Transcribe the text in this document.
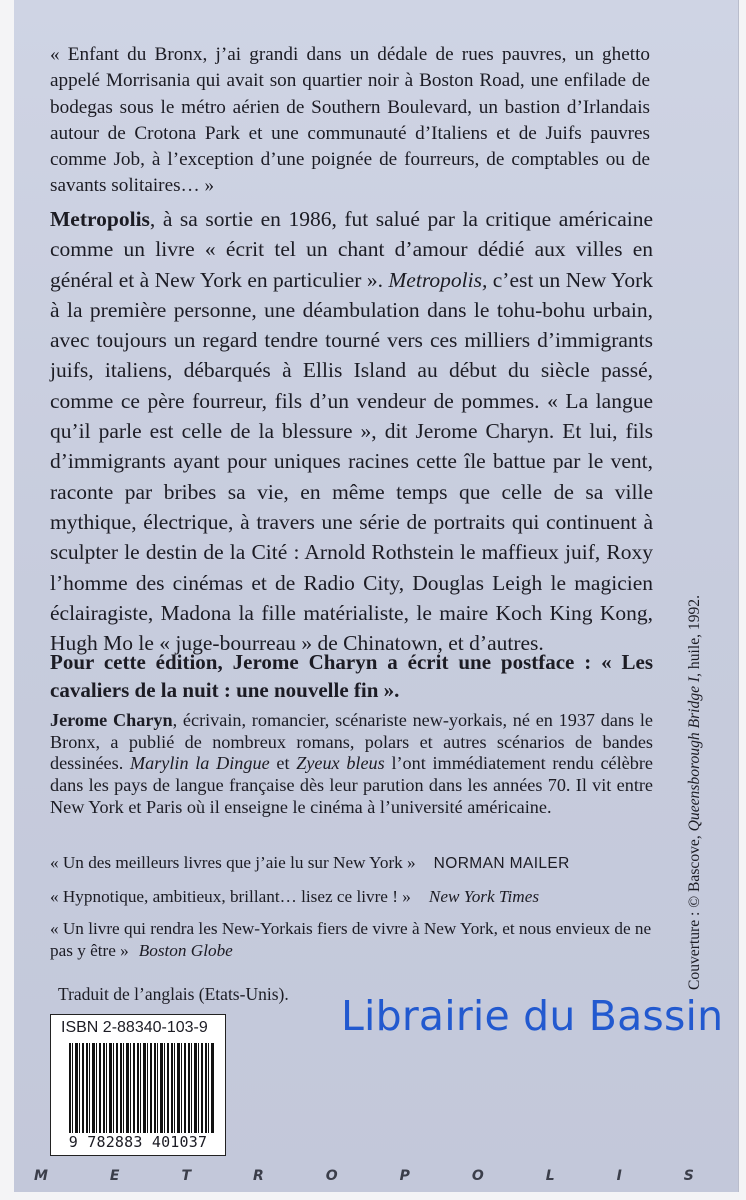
« Enfant du Bronx, j’ai grandi dans un dédale de rues pauvres, un ghetto appelé Morrisania qui avait son quartier noir à Boston Road, une enfilade de bodegas sous le métro aérien de Southern Boulevard, un bastion d’Irlandais autour de Crotona Park et une communauté d’Italiens et de Juifs pauvres comme Job, à l’exception d’une poignée de fourreurs, de comptables ou de savants solitaires… »

Metropolis, à sa sortie en 1986, fut salué par la critique américaine comme un livre « écrit tel un chant d’amour dédié aux villes en général et à New York en particulier ». Metropolis, c’est un New York à la première personne, une déambulation dans le tohu-bohu urbain, avec toujours un regard tendre tourné vers ces milliers d’immigrants juifs, italiens, débarqués à Ellis Island au début du siècle passé, comme ce père fourreur, fils d’un vendeur de pommes. « La langue qu’il parle est celle de la blessure », dit Jerome Charyn. Et lui, fils d’immigrants ayant pour uniques racines cette île battue par le vent, raconte par bribes sa vie, en même temps que celle de sa ville mythique, électrique, à travers une série de portraits qui continuent à sculpter le destin de la Cité : Arnold Rothstein le maffieux juif, Roxy l’homme des cinémas et de Radio City, Douglas Leigh le magicien éclairagiste, Madona la fille matérialiste, le maire Koch King Kong, Hugh Mo le « juge-bourreau » de Chinatown, et d’autres.

Pour cette édition, Jerome Charyn a écrit une postface : « Les cavaliers de la nuit : une nouvelle fin ».

Jerome Charyn, écrivain, romancier, scénariste new-yorkais, né en 1937 dans le Bronx, a publié de nombreux romans, polars et autres scénarios de bandes dessinées. Marylin la Dingue et Zyeux bleus l’ont immédiatement rendu célèbre dans les pays de langue française dès leur parution dans les années 70. Il vit entre New York et Paris où il enseigne le cinéma à l’université américaine.

« Un des meilleurs livres que j’aie lu sur New York » NORMAN MAILER
« Hypnotique, ambitieux, brillant… lisez ce livre ! » New York Times
« Un livre qui rendra les New-Yorkais fiers de vivre à New York, et nous envieux de ne pas y être » Boston Globe
Traduit de l’anglais (Etats-Unis).
ISBN 2-88340-103-9
9 782883 401037
Librairie du Bassin
Couverture : © Bascove, Queensborough Bridge I, huile, 1992.
M	E	T	R	O	P	O	L	I	S
